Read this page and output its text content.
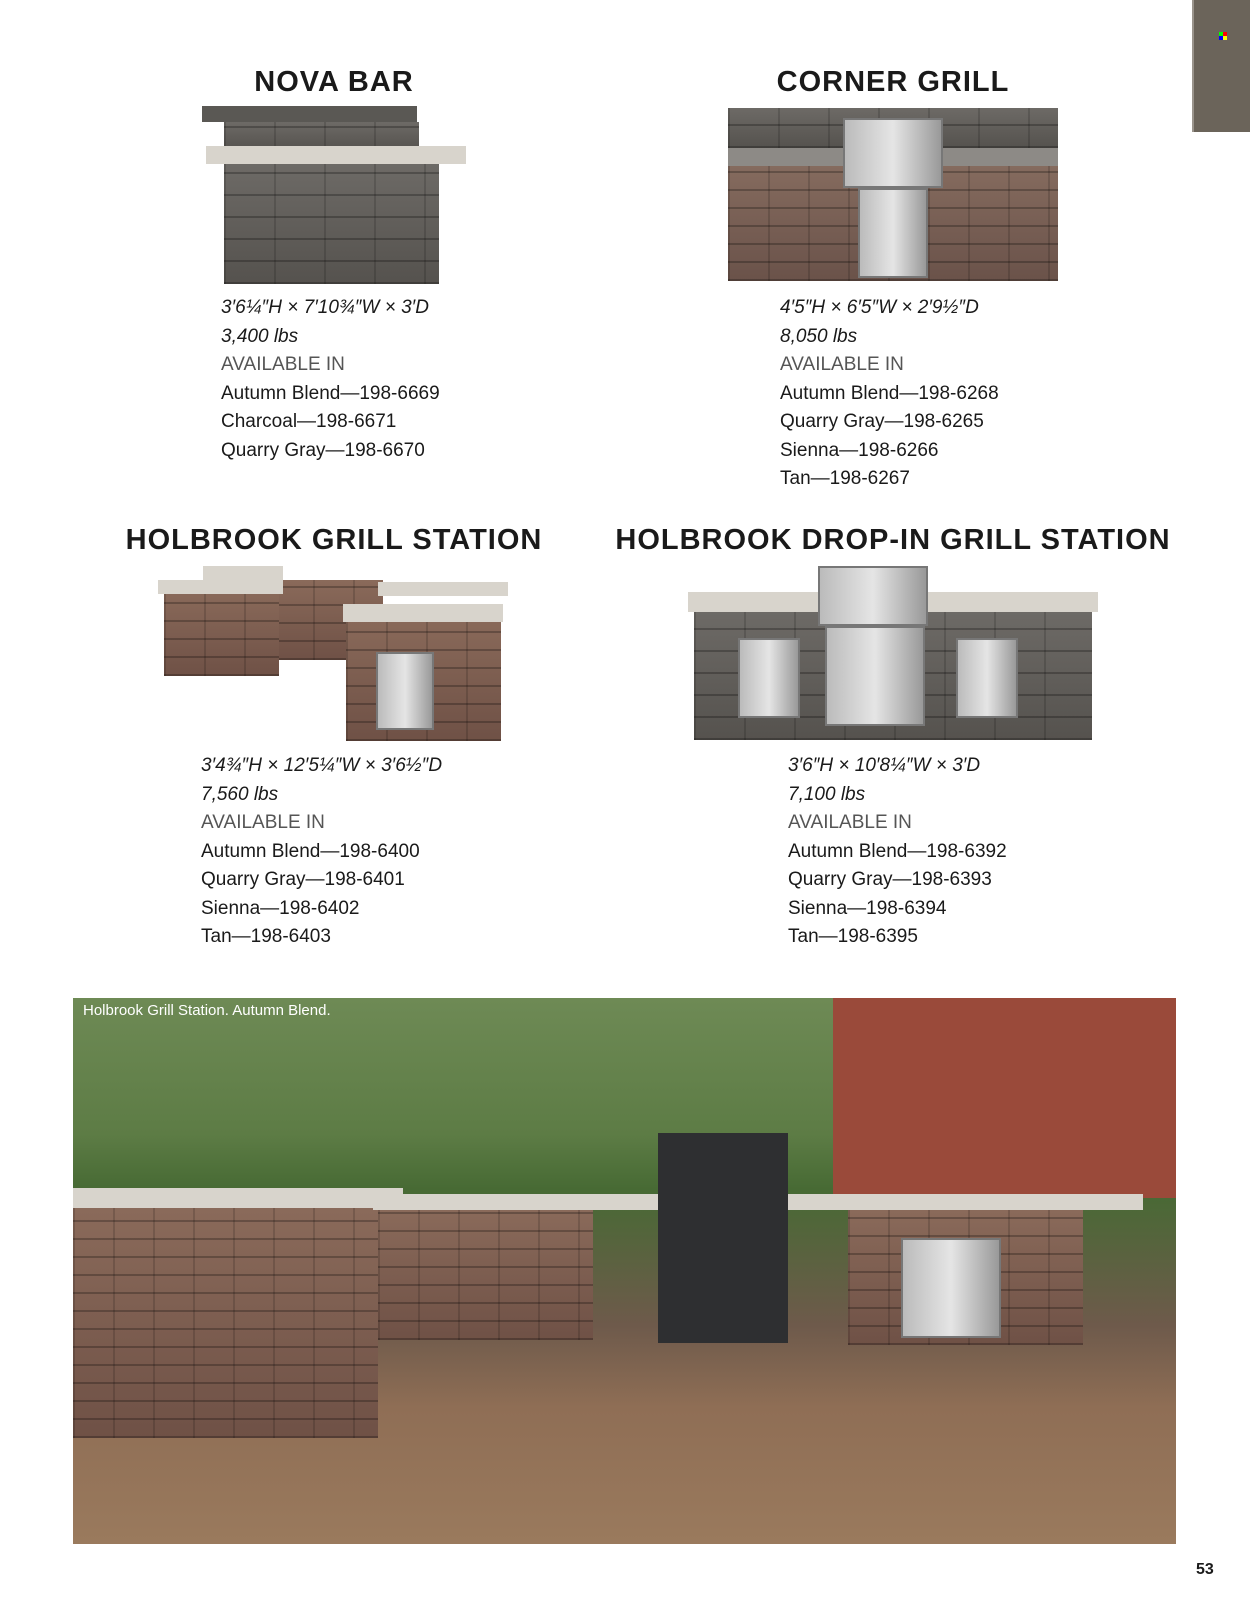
NOVA BAR
3′6¼″H × 7′10¾″W × 3′D
3,400 lbs
AVAILABLE IN
Autumn Blend—198-6669
Charcoal—198-6671
Quarry Gray—198-6670
CORNER GRILL
4′5″H × 6′5″W × 2′9½″D
8,050 lbs
AVAILABLE IN
Autumn Blend—198-6268
Quarry Gray—198-6265
Sienna—198-6266
Tan—198-6267
HOLBROOK GRILL STATION
3′4¾″H × 12′5¼″W × 3′6½″D
7,560 lbs
AVAILABLE IN
Autumn Blend—198-6400
Quarry Gray—198-6401
Sienna—198-6402
Tan—198-6403
HOLBROOK DROP-IN GRILL STATION
3′6″H × 10′8¼″W × 3′D
7,100 lbs
AVAILABLE IN
Autumn Blend—198-6392
Quarry Gray—198-6393
Sienna—198-6394
Tan—198-6395
Holbrook Grill Station. Autumn Blend.
53
